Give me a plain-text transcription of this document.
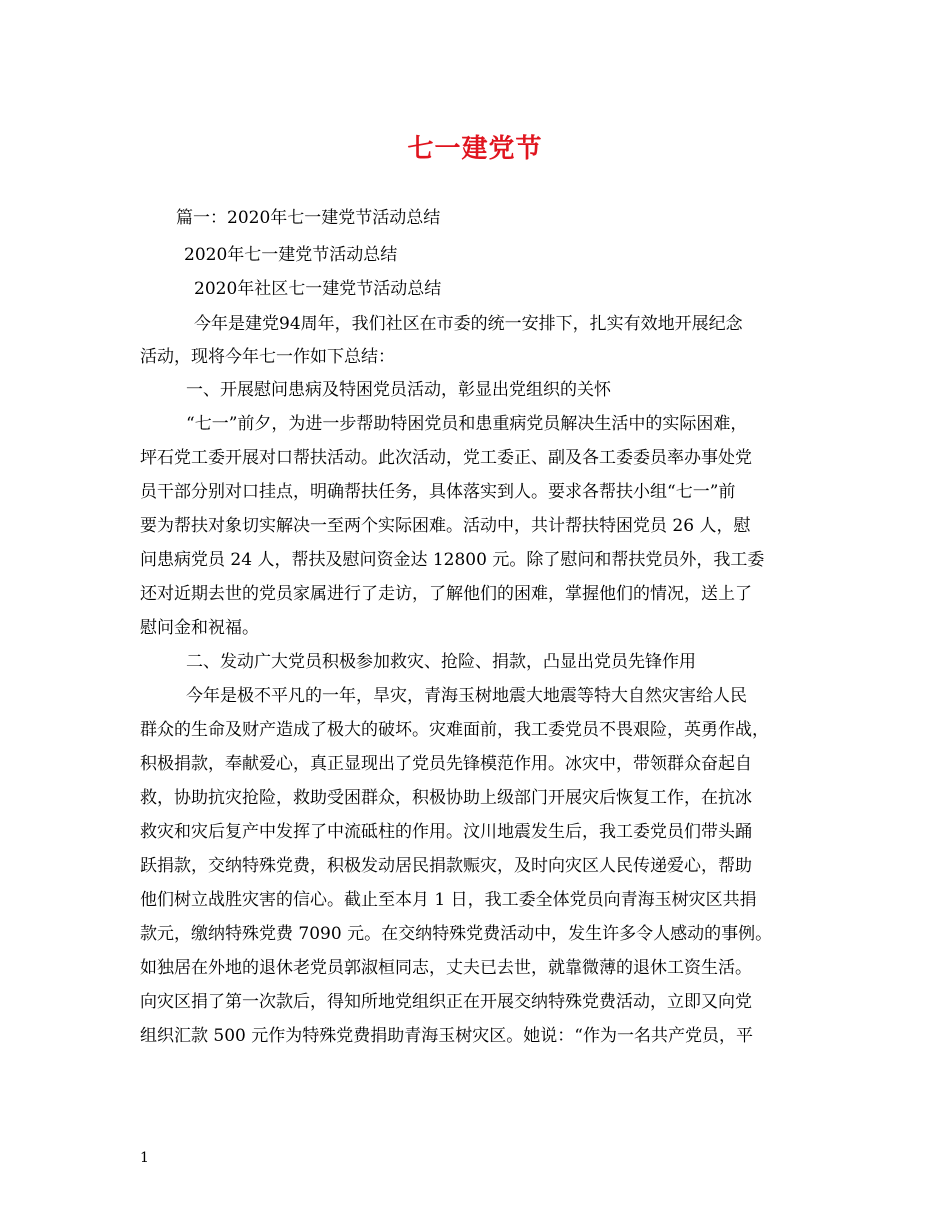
七一建党节
篇一：2020年七一建党节活动总结
2020年七一建党节活动总结
2020年社区七一建党节活动总结
今年是建党94周年，我们社区在市委的统一安排下，扎实有效地开展纪念
活动，现将今年七一作如下总结：
一、开展慰问患病及特困党员活动，彰显出党组织的关怀
“七一”前夕，为进一步帮助特困党员和患重病党员解决生活中的实际困难，
坪石党工委开展对口帮扶活动。此次活动，党工委正、副及各工委委员率办事处党
员干部分别对口挂点，明确帮扶任务，具体落实到人。要求各帮扶小组“七一”前
要为帮扶对象切实解决一至两个实际困难。活动中，共计帮扶特困党员 26 人，慰
问患病党员 24 人，帮扶及慰问资金达 12800 元。除了慰问和帮扶党员外，我工委
还对近期去世的党员家属进行了走访，了解他们的困难，掌握他们的情况，送上了
慰问金和祝福。
二、发动广大党员积极参加救灾、抢险、捐款，凸显出党员先锋作用
今年是极不平凡的一年，旱灾，青海玉树地震大地震等特大自然灾害给人民
群众的生命及财产造成了极大的破坏。灾难面前，我工委党员不畏艰险，英勇作战，
积极捐款，奉献爱心，真正显现出了党员先锋模范作用。冰灾中，带领群众奋起自
救，协助抗灾抢险，救助受困群众，积极协助上级部门开展灾后恢复工作，在抗冰
救灾和灾后复产中发挥了中流砥柱的作用。汶川地震发生后，我工委党员们带头踊
跃捐款，交纳特殊党费，积极发动居民捐款赈灾，及时向灾区人民传递爱心，帮助
他们树立战胜灾害的信心。截止至本月 1 日，我工委全体党员向青海玉树灾区共捐
款元，缴纳特殊党费 7090 元。在交纳特殊党费活动中，发生许多令人感动的事例。
如独居在外地的退休老党员郭淑桓同志，丈夫已去世，就靠微薄的退休工资生活。
向灾区捐了第一次款后，得知所地党组织正在开展交纳特殊党费活动，立即又向党
组织汇款 500 元作为特殊党费捐助青海玉树灾区。她说：“作为一名共产党员，平
1
